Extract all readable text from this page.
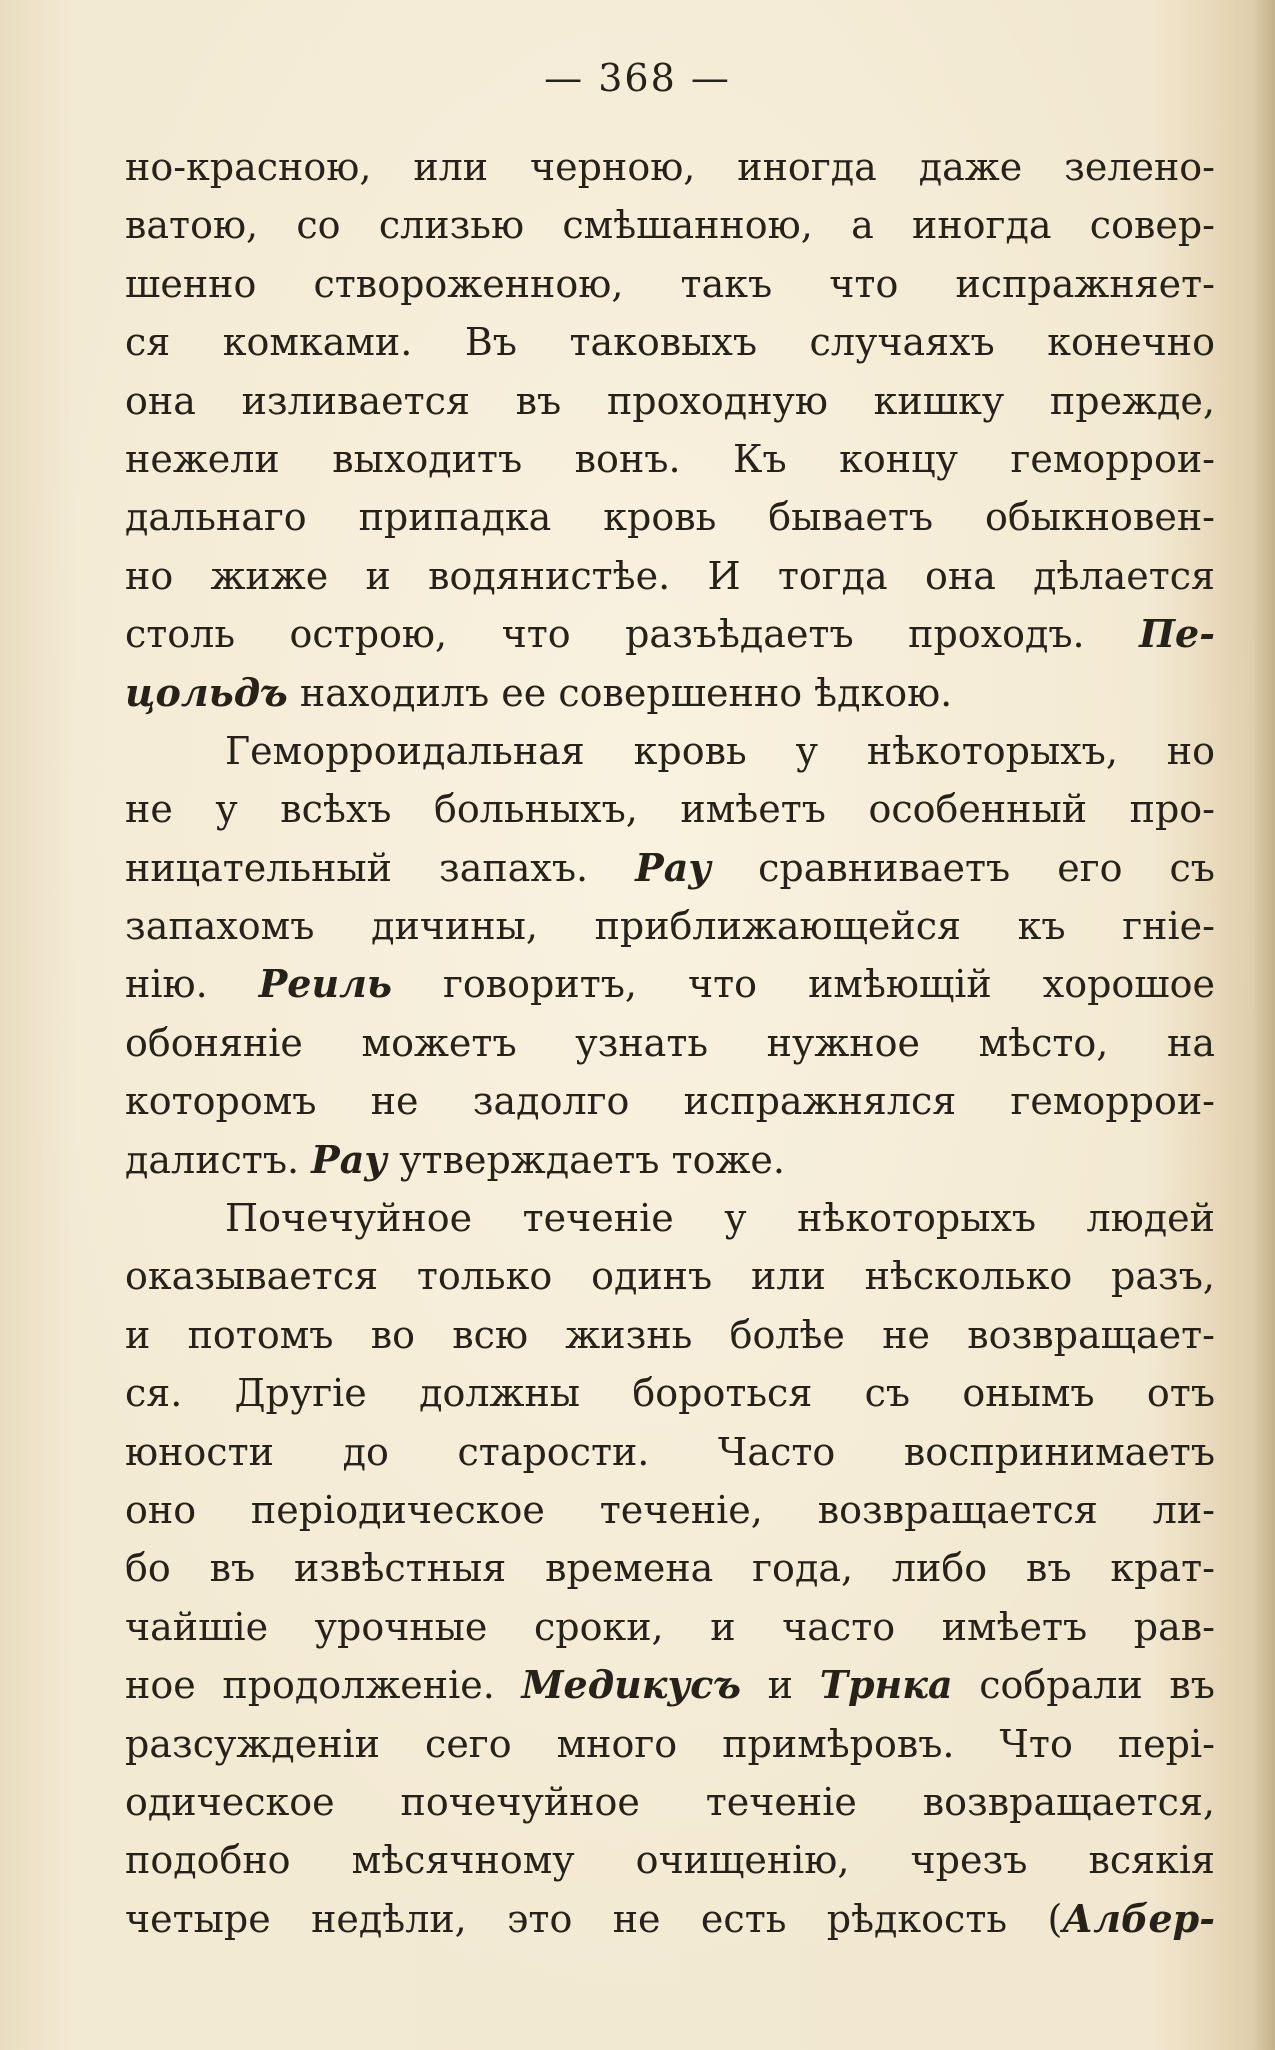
— 368 —
но-красною, или черною, иногда даже зелено-
ватою, со слизью смѣшанною, а иногда совер-
шенно створоженною, такъ что испражняет-
ся комками. Въ таковыхъ случаяхъ конечно
она изливается въ проходную кишку прежде,
нежели выходитъ вонъ. Къ концу геморрои-
дальнаго припадка кровь бываетъ обыкновен-
но жиже и водянистѣе. И тогда она дѣлается
столь острою, что разъѣдаетъ проходъ. Пе-
цольдъ находилъ ее совершенно ѣдкою.
Геморроидальная кровь у нѣкоторыхъ, но
не у всѣхъ больныхъ, имѣетъ особенный про-
ницательный запахъ. Рау сравниваетъ его съ
запахомъ дичины, приближающейся къ гніе-
нію. Реиль говоритъ, что имѣющій хорошое
обоняніе можетъ узнать нужное мѣсто, на
которомъ не задолго испражнялся геморрои-
далистъ. Рау утверждаетъ тоже.
Почечуйное теченіе у нѣкоторыхъ людей
оказывается только одинъ или нѣсколько разъ,
и потомъ во всю жизнь болѣе не возвращает-
ся. Другіе должны бороться съ онымъ отъ
юности до старости. Часто воспринимаетъ
оно періодическое теченіе, возвращается ли-
бо въ извѣстныя времена года, либо въ крат-
чайшіе урочные сроки, и часто имѣетъ рав-
ное продолженіе. Медикусъ и Трнка собрали въ
разсужденіи сего много примѣровъ. Что пері-
одическое почечуйное теченіе возвращается,
подобно мѣсячному очищенію, чрезъ всякія
четыре недѣли, это не есть рѣдкость (Албер-
